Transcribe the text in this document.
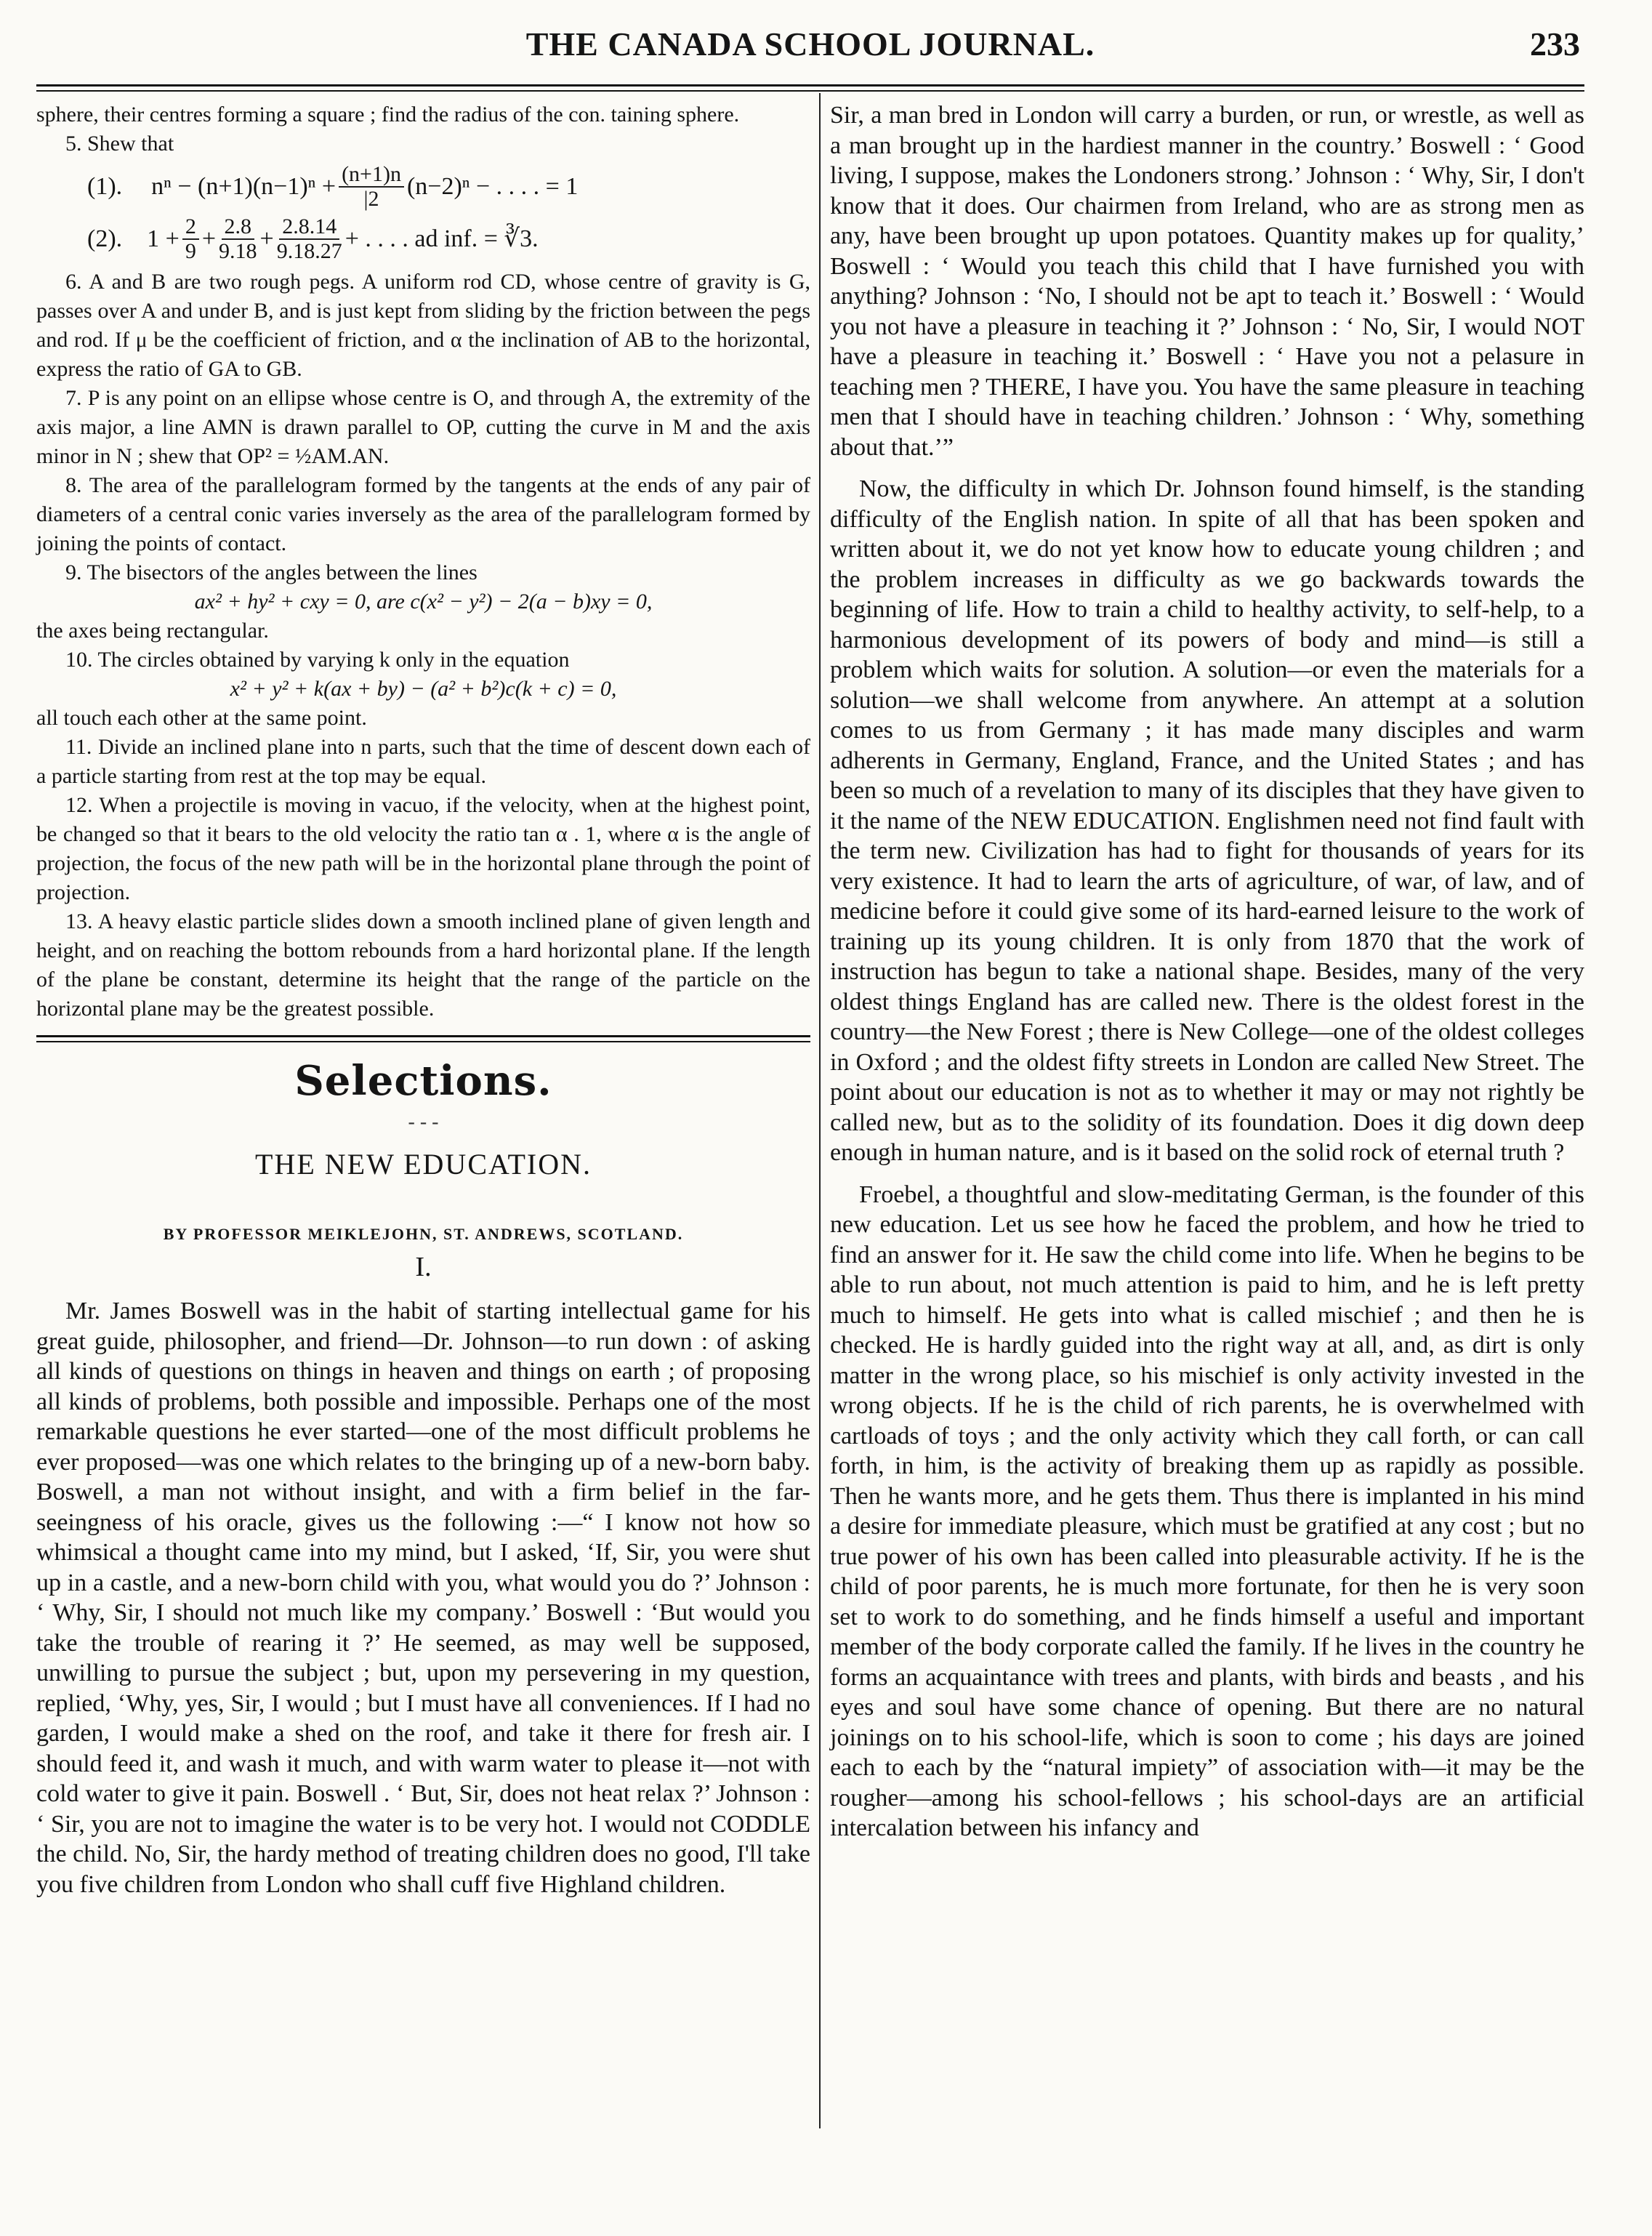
THE CANADA SCHOOL JOURNAL.	233

sphere, their centres forming a square ; find the radius of the con. taining sphere.

5. Shew that

(1). $n^n - (n+1)(n-1)^n + \frac{(n+1)n}{|2} (n-2)^n$ − . . . . = 1
(2). $1 + \frac{2}{9} + \frac{2.8}{9.18} + \frac{2.8.14}{9.18.27}$ + . . . . ad inf. = ∛3.

6. A and B are two rough pegs. A uniform rod CD, whose centre of gravity is G, passes over A and under B, and is just kept from sliding by the friction between the pegs and rod. If μ be the coefficient of friction, and α the inclination of AB to the horizontal, express the ratio of GA to GB.

7. P is any point on an ellipse whose centre is O, and through A, the extremity of the axis major, a line AMN is drawn parallel to OP, cutting the curve in M and the axis minor in N ; shew that OP² = ½AM.AN.

8. The area of the parallelogram formed by the tangents at the ends of any pair of diameters of a central conic varies inversely as the area of the parallelogram formed by joining the points of contact.

9. The bisectors of the angles between the lines

ax² + hy² + cxy = 0, are c(x² − y²) − 2(a − b)xy = 0,

the axes being rectangular.

10. The circles obtained by varying k only in the equation

x² + y² + k(ax + by) − (a² + b²)c(k + c) = 0,

all touch each other at the same point.

11. Divide an inclined plane into n parts, such that the time of descent down each of a particle starting from rest at the top may be equal.

12. When a projectile is moving in vacuo, if the velocity, when at the highest point, be changed so that it bears to the old velocity the ratio tan α . 1, where α is the angle of projection, the focus of the new path will be in the horizontal plane through the point of projection.

13. A heavy elastic particle slides down a smooth inclined plane of given length and height, and on reaching the bottom rebounds from a hard horizontal plane. If the length of the plane be constant, determine its height that the range of the particle on the horizontal plane may be the greatest possible.

Selections.
- - -
THE NEW EDUCATION.
BY PROFESSOR MEIKLEJOHN, ST. ANDREWS, SCOTLAND.
I.

Mr. James Boswell was in the habit of starting intellectual game for his great guide, philosopher, and friend—Dr. Johnson—to run down : of asking all kinds of questions on things in heaven and things on earth ; of proposing all kinds of problems, both possible and impossible. Perhaps one of the most remarkable questions he ever started—one of the most difficult problems he ever proposed—was one which relates to the bringing up of a new-born baby. Boswell, a man not without insight, and with a firm belief in the far-seeingness of his oracle, gives us the following :—“ I know not how so whimsical a thought came into my mind, but I asked, ‘If, Sir, you were shut up in a castle, and a new-born child with you, what would you do ?’ Johnson : ‘ Why, Sir, I should not much like my company.’ Boswell : ‘But would you take the trouble of rearing it ?’ He seemed, as may well be supposed, unwilling to pursue the subject ; but, upon my persevering in my question, replied, ‘Why, yes, Sir, I would ; but I must have all conveniences. If I had no garden, I would make a shed on the roof, and take it there for fresh air. I should feed it, and wash it much, and with warm water to please it—not with cold water to give it pain. Boswell . ‘ But, Sir, does not heat relax ?’ Johnson : ‘ Sir, you are not to imagine the water is to be very hot. I would not CODDLE the child. No, Sir, the hardy method of treating children does no good, I'll take you five children from London who shall cuff five Highland children.

Sir, a man bred in London will carry a burden, or run, or wrestle, as well as a man brought up in the hardiest manner in the country.’ Boswell : ‘ Good living, I suppose, makes the Londoners strong.’ Johnson : ‘ Why, Sir, I don't know that it does. Our chairmen from Ireland, who are as strong men as any, have been brought up upon potatoes. Quantity makes up for quality,’ Boswell : ‘ Would you teach this child that I have furnished you with anything? Johnson : ‘No, I should not be apt to teach it.’ Boswell : ‘ Would you not have a pleasure in teaching it ?’ Johnson : ‘ No, Sir, I would NOT have a pleasure in teaching it.’ Boswell : ‘ Have you not a pelasure in teaching men ? THERE, I have you. You have the same pleasure in teaching men that I should have in teaching children.’ Johnson : ‘ Why, something about that.’”

Now, the difficulty in which Dr. Johnson found himself, is the standing difficulty of the English nation. In spite of all that has been spoken and written about it, we do not yet know how to educate young children ; and the problem increases in difficulty as we go backwards towards the beginning of life. How to train a child to healthy activity, to self-help, to a harmonious development of its powers of body and mind—is still a problem which waits for solution. A solution—or even the materials for a solution—we shall welcome from anywhere. An attempt at a solution comes to us from Germany ; it has made many disciples and warm adherents in Germany, England, France, and the United States ; and has been so much of a revelation to many of its disciples that they have given to it the name of the NEW EDUCATION. Englishmen need not find fault with the term new. Civilization has had to fight for thousands of years for its very existence. It had to learn the arts of agriculture, of war, of law, and of medicine before it could give some of its hard-earned leisure to the work of training up its young children. It is only from 1870 that the work of instruction has begun to take a national shape. Besides, many of the very oldest things England has are called new. There is the oldest forest in the country—the New Forest ; there is New College—one of the oldest colleges in Oxford ; and the oldest fifty streets in London are called New Street. The point about our education is not as to whether it may or may not rightly be called new, but as to the solidity of its foundation. Does it dig down deep enough in human nature, and is it based on the solid rock of eternal truth ?

Froebel, a thoughtful and slow-meditating German, is the founder of this new education. Let us see how he faced the problem, and how he tried to find an answer for it. He saw the child come into life. When he begins to be able to run about, not much attention is paid to him, and he is left pretty much to himself. He gets into what is called mischief ; and then he is checked. He is hardly guided into the right way at all, and, as dirt is only matter in the wrong place, so his mischief is only activity invested in the wrong objects. If he is the child of rich parents, he is overwhelmed with cartloads of toys ; and the only activity which they call forth, or can call forth, in him, is the activity of breaking them up as rapidly as possible. Then he wants more, and he gets them. Thus there is implanted in his mind a desire for immediate pleasure, which must be gratified at any cost ; but no true power of his own has been called into pleasurable activity. If he is the child of poor parents, he is much more fortunate, for then he is very soon set to work to do something, and he finds himself a useful and important member of the body corporate called the family. If he lives in the country he forms an acquaintance with trees and plants, with birds and beasts , and his eyes and soul have some chance of opening. But there are no natural joinings on to his school-life, which is soon to come ; his days are joined each to each by the “natural impiety” of association with—it may be the rougher—among his school-fellows ; his school-days are an artificial intercalation between his infancy and
